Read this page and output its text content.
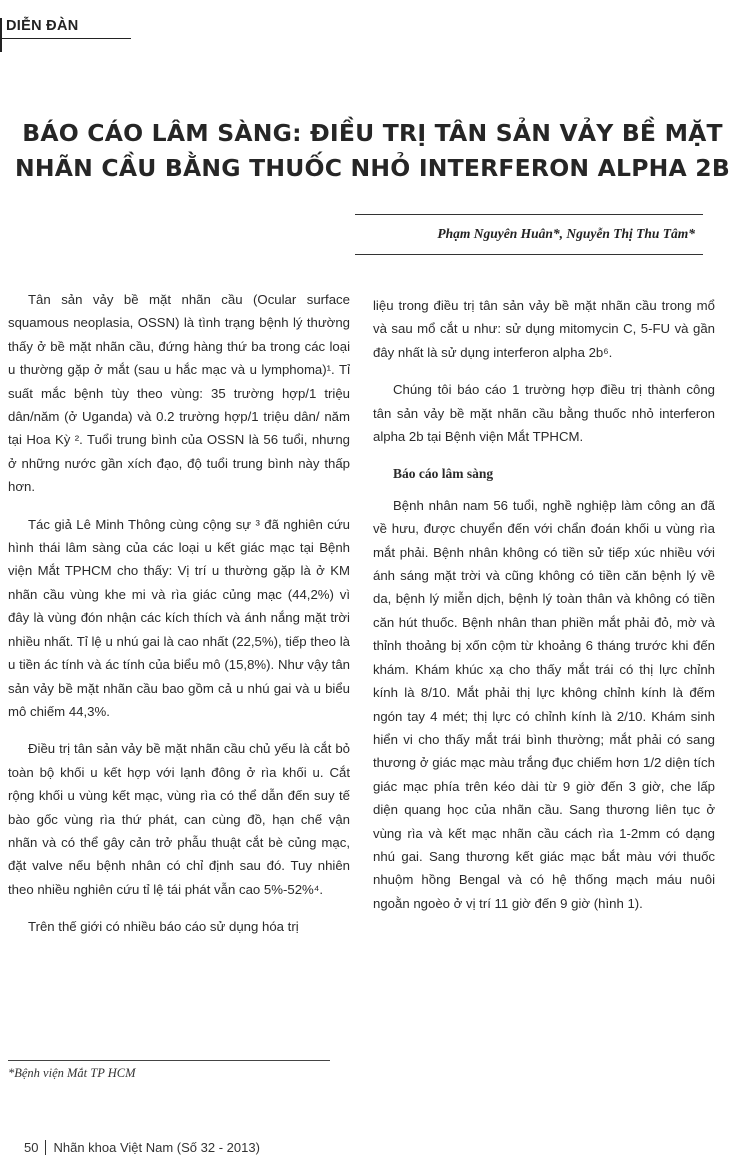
DIỄN ĐÀN
BÁO CÁO LÂM SÀNG: ĐIỀU TRỊ TÂN SẢN VẢY BỀ MẶT
NHÃN CẦU BẰNG THUỐC NHỎ INTERFERON ALPHA 2B
Phạm Nguyên Huân*, Nguyễn Thị Thu Tâm*

Tân sản vảy bề mặt nhãn cầu (Ocular surface squamous neoplasia, OSSN) là tình trạng bệnh lý thường thấy ở bề mặt nhãn cầu, đứng hàng thứ ba trong các loại u thường gặp ở mắt (sau u hắc mạc và u lymphoma)¹. Tỉ suất mắc bệnh tùy theo vùng: 35 trường hợp/1 triệu dân/năm (ở Uganda) và 0.2 trường hợp/1 triệu dân/ năm tại Hoa Kỳ ². Tuổi trung bình của OSSN là 56 tuổi, nhưng ở những nước gần xích đạo, độ tuổi trung bình này thấp hơn.

Tác giả Lê Minh Thông cùng cộng sự ³ đã nghiên cứu hình thái lâm sàng của các loại u kết giác mạc tại Bệnh viện Mắt TPHCM cho thấy: Vị trí u thường gặp là ở KM nhãn cầu vùng khe mi và rìa giác củng mạc (44,2%) vì đây là vùng đón nhận các kích thích và ánh nắng mặt trời nhiều nhất. Tỉ lệ u nhú gai là cao nhất (22,5%), tiếp theo là u tiền ác tính và ác tính của biểu mô (15,8%). Như vậy tân sản vảy bề mặt nhãn cầu bao gồm cả u nhú gai và u biểu mô chiếm 44,3%.

Điều trị tân sản vảy bề mặt nhãn cầu chủ yếu là cắt bỏ toàn bộ khối u kết hợp với lạnh đông ở rìa khối u. Cắt rộng khối u vùng kết mạc, vùng rìa có thể dẫn đến suy tế bào gốc vùng rìa thứ phát, can cùng đồ, hạn chế vận nhãn và có thể gây cản trở phẫu thuật cắt bè củng mạc, đặt valve nếu bệnh nhân có chỉ định sau đó. Tuy nhiên theo nhiều nghiên cứu tỉ lệ tái phát vẫn cao 5%-52%⁴.

Trên thế giới có nhiều báo cáo sử dụng hóa trị

liệu trong điều trị tân sản vảy bề mặt nhãn cầu trong mổ và sau mổ cắt u như: sử dụng mitomycin C, 5-FU và gần đây nhất là sử dụng interferon alpha 2b⁶.

Chúng tôi báo cáo 1 trường hợp điều trị thành công tân sản vảy bề mặt nhãn cầu bằng thuốc nhỏ interferon alpha 2b tại Bệnh viện Mắt TPHCM.

Báo cáo lâm sàng

Bệnh nhân nam 56 tuổi, nghề nghiệp làm công an đã về hưu, được chuyển đến với chẩn đoán khối u vùng rìa mắt phải. Bệnh nhân không có tiền sử tiếp xúc nhiều với ánh sáng mặt trời và cũng không có tiền căn bệnh lý về da, bệnh lý miễn dịch, bệnh lý toàn thân và không có tiền căn hút thuốc. Bệnh nhân than phiền mắt phải đỏ, mờ và thỉnh thoảng bị xốn cộm từ khoảng 6 tháng trước khi đến khám. Khám khúc xạ cho thấy mắt trái có thị lực chỉnh kính là 8/10. Mắt phải thị lực không chỉnh kính là đếm ngón tay 4 mét; thị lực có chỉnh kính là 2/10. Khám sinh hiển vi cho thấy mắt trái bình thường; mắt phải có sang thương ở giác mạc màu trắng đục chiếm hơn 1/2 diện tích giác mạc phía trên kéo dài từ 9 giờ đến 3 giờ, che lấp diện quang học của nhãn cầu. Sang thương liên tục ở vùng rìa và kết mạc nhãn cầu cách rìa 1-2mm có dạng nhú gai. Sang thương kết giác mạc bắt màu với thuốc nhuộm hồng Bengal và có hệ thống mạch máu nuôi ngoằn ngoèo ở vị trí 11 giờ đến 9 giờ (hình 1).

*Bệnh viện Mắt TP HCM
50 Nhãn khoa Việt Nam (Số 32 - 2013)
